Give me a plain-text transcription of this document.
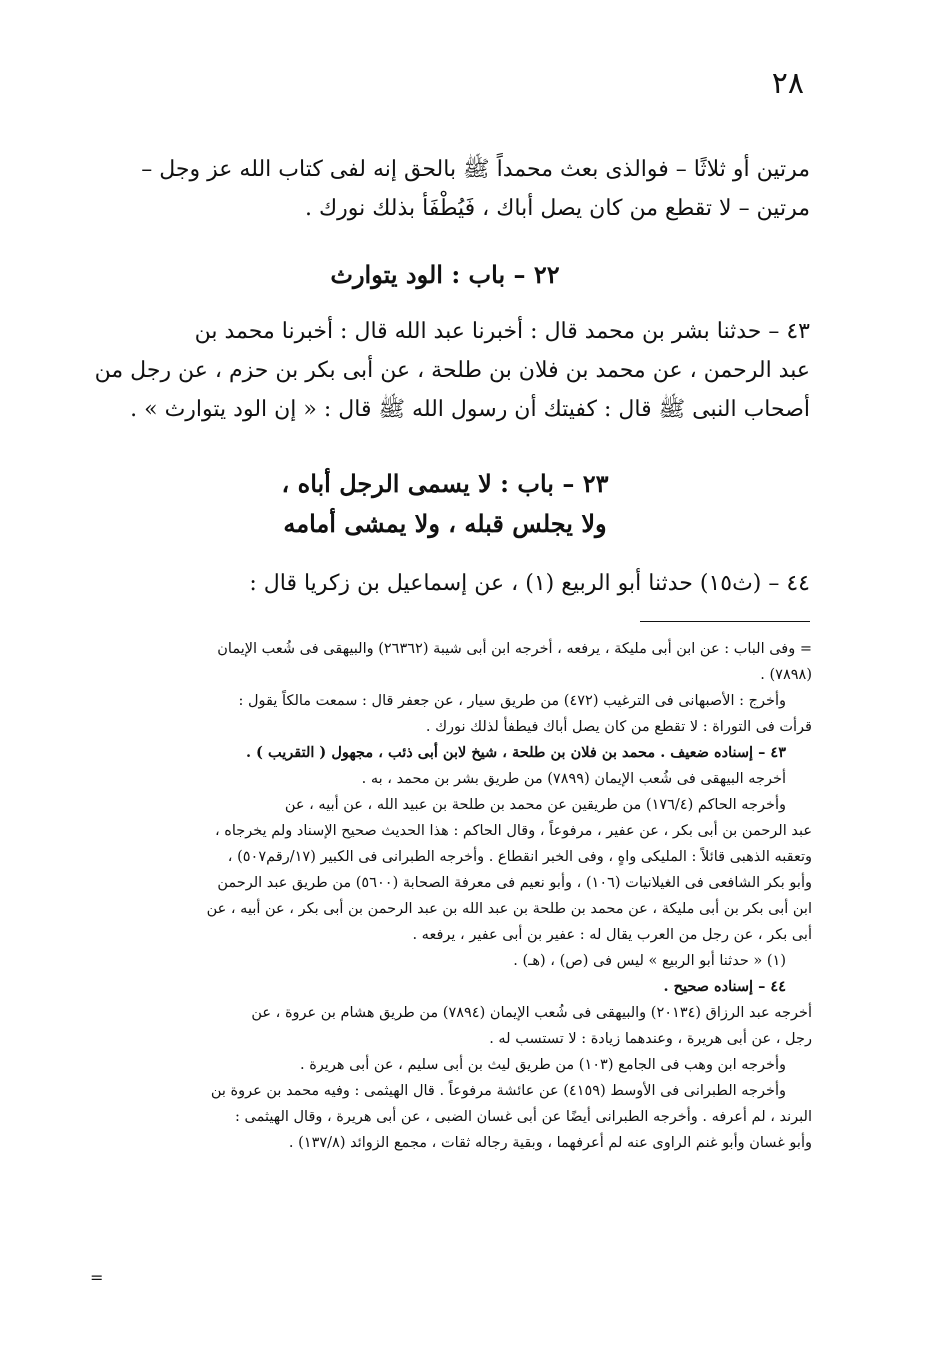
٢٨
مرتين أو ثلاثًا – فوالذى بعث محمداً ﷺ بالحق إنه لفى كتاب الله عز وجل –
مرتين – لا تقطع من كان يصل أباك ، فَيُطْفَأ بذلك نورك .
٢٢ – باب : الود يتوارث
٤٣ – حدثنا بشر بن محمد قال : أخبرنا عبد الله قال : أخبرنا محمد بن
عبد الرحمن ، عن محمد بن فلان بن طلحة ، عن أبى بكر بن حزم ، عن رجل من
أصحاب النبى ﷺ قال : كفيتك أن رسول الله ﷺ قال : « إن الود يتوارث » .
٢٣ – باب : لا يسمى الرجل أباه ،
ولا يجلس قبله ، ولا يمشى أمامه
٤٤ – (ث١٥) حدثنا أبو الربيع (١) ، عن إسماعيل بن زكريا قال :
= وفى الباب : عن ابن أبى مليكة ، يرفعه ، أخرجه ابن أبى شيبة (٢٦٣٦٢) والبيهقى فى شُعب الإيمان
(٧٨٩٨) .
وأخرج : الأصبهانى فى الترغيب (٤٧٢) من طريق سيار ، عن جعفر قال : سمعت مالكاً يقول :
قرأت فى التوراة : لا تقطع من كان يصل أباك فيطفأ لذلك نورك .
٤٣ – إسناده ضعيف . محمد بن فلان بن طلحة ، شيخ لابن أبى ذئب ، مجهول ( التقريب ) .
أخرجه البيهقى فى شُعب الإيمان (٧٨٩٩) من طريق بشر بن محمد ، به .
وأخرجه الحاكم (١٧٦/٤) من طريقين عن محمد بن طلحة بن عبيد الله ، عن أبيه ، عن
عبد الرحمن بن أبى بكر ، عن عفير ، مرفوعاً ، وقال الحاكم : هذا الحديث صحيح الإسناد ولم يخرجاه ،
وتعقبه الذهبى قائلاً : المليكى واهٍ ، وفى الخبر انقطاع . وأخرجه الطبرانى فى الكبير (١٧/رقم٥٠٧) ،
وأبو بكر الشافعى فى الغيلانيات (١٠٦) ، وأبو نعيم فى معرفة الصحابة (٥٦٠٠) من طريق عبد الرحمن
ابن أبى بكر بن أبى مليكة ، عن محمد بن طلحة بن عبد الله بن عبد الرحمن بن أبى بكر ، عن أبيه ، عن
أبى بكر ، عن رجل من العرب يقال له : عفير بن أبى عفير ، يرفعه .
(١) « حدثنا أبو الربيع » ليس فى (ص) ، (هـ) .
٤٤ – إسناده صحيح .
أخرجه عبد الرزاق (٢٠١٣٤) والبيهقى فى شُعب الإيمان (٧٨٩٤) من طريق هشام بن عروة ، عن
رجل ، عن أبى هريرة ، وعندهما زيادة : لا تستسب له .
وأخرجه ابن وهب فى الجامع (١٠٣) من طريق ليث بن أبى سليم ، عن أبى هريرة .
وأخرجه الطبرانى فى الأوسط (٤١٥٩) عن عائشة مرفوعاً . قال الهيثمى : وفيه محمد بن عروة بن
البرند ، لم أعرفه . وأخرجه الطبرانى أيضًا عن أبى غسان الضبى ، عن أبى هريرة ، وقال الهيثمى :
وأبو غسان وأبو غنم الراوى عنه لم أعرفهما ، وبقية رجاله ثقات ، مجمع الزوائد (١٣٧/٨) .
=
